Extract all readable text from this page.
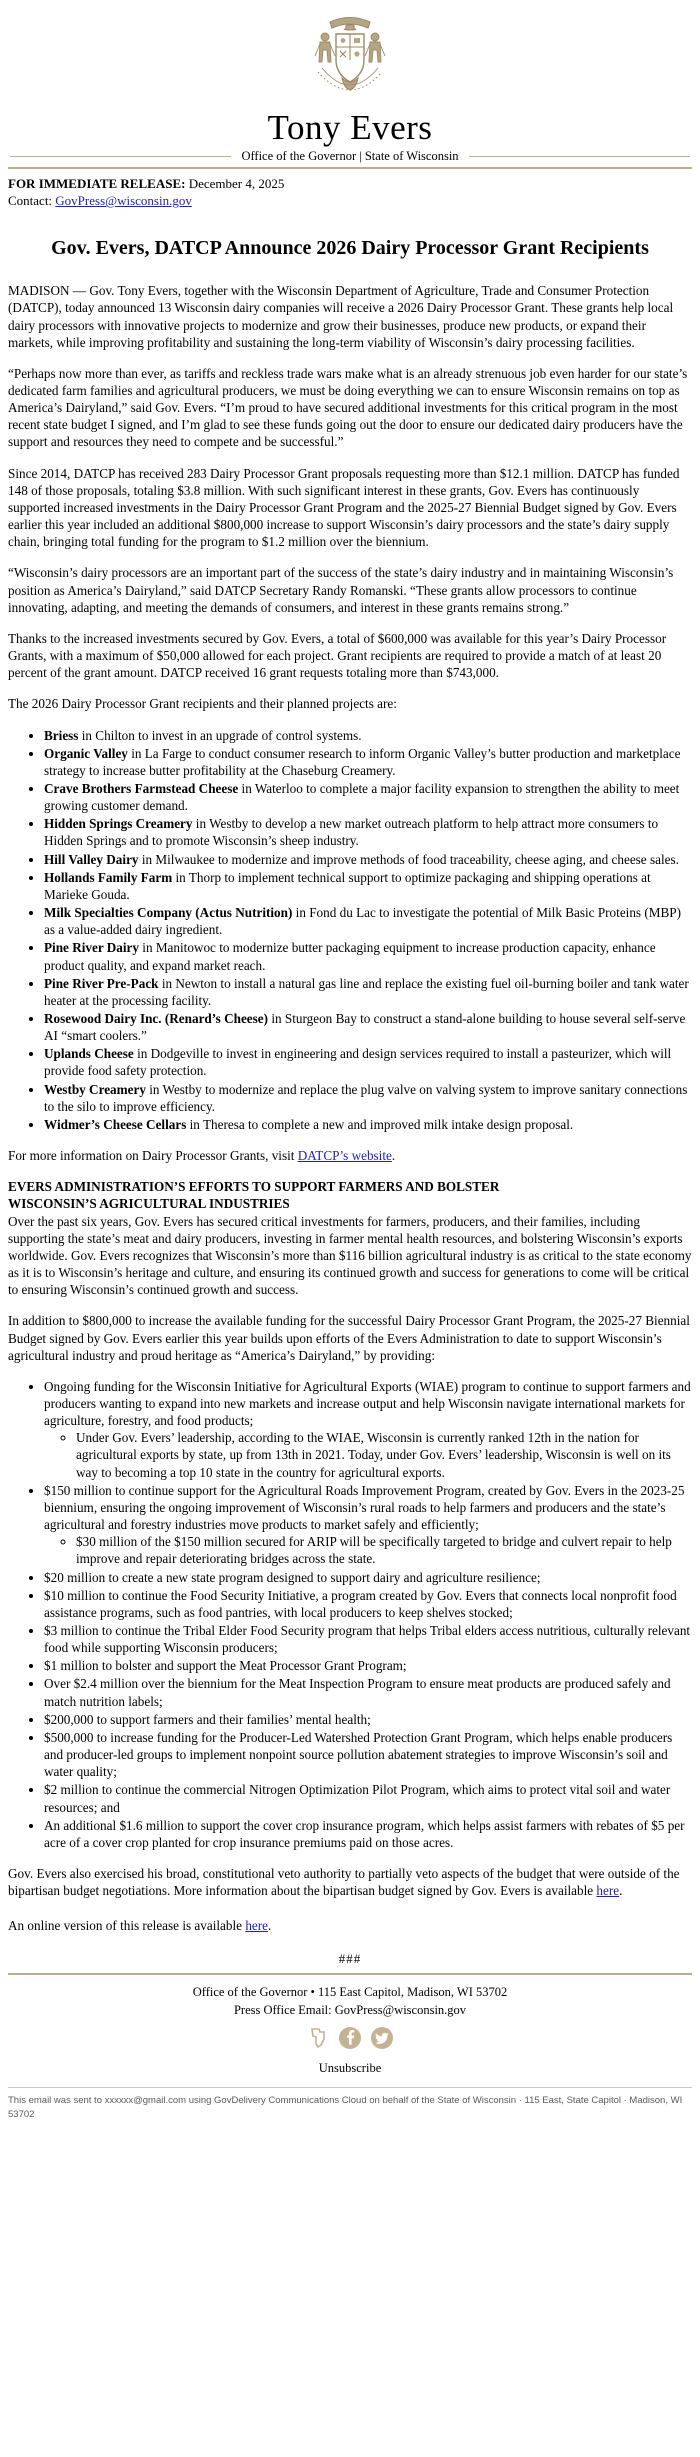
Tony Evers
Office of the Governor | State of Wisconsin
FOR IMMEDIATE RELEASE: December 4, 2025
Contact: GovPress@wisconsin.gov
Gov. Evers, DATCP Announce 2026 Dairy Processor Grant Recipients

MADISON — Gov. Tony Evers, together with the Wisconsin Department of Agriculture, Trade and Consumer Protection (DATCP), today announced 13 Wisconsin dairy companies will receive a 2026 Dairy Processor Grant. These grants help local dairy processors with innovative projects to modernize and grow their businesses, produce new products, or expand their markets, while improving profitability and sustaining the long-term viability of Wisconsin’s dairy processing facilities.

“Perhaps now more than ever, as tariffs and reckless trade wars make what is an already strenuous job even harder for our state’s dedicated farm families and agricultural producers, we must be doing everything we can to ensure Wisconsin remains on top as America’s Dairyland,” said Gov. Evers. “I’m proud to have secured additional investments for this critical program in the most recent state budget I signed, and I’m glad to see these funds going out the door to ensure our dedicated dairy producers have the support and resources they need to compete and be successful.”

Since 2014, DATCP has received 283 Dairy Processor Grant proposals requesting more than $12.1 million. DATCP has funded 148 of those proposals, totaling $3.8 million. With such significant interest in these grants, Gov. Evers has continuously supported increased investments in the Dairy Processor Grant Program and the 2025-27 Biennial Budget signed by Gov. Evers earlier this year included an additional $800,000 increase to support Wisconsin’s dairy processors and the state’s dairy supply chain, bringing total funding for the program to $1.2 million over the biennium.

“Wisconsin’s dairy processors are an important part of the success of the state’s dairy industry and in maintaining Wisconsin’s position as America’s Dairyland,” said DATCP Secretary Randy Romanski. “These grants allow processors to continue innovating, adapting, and meeting the demands of consumers, and interest in these grants remains strong.”

Thanks to the increased investments secured by Gov. Evers, a total of $600,000 was available for this year’s Dairy Processor Grants, with a maximum of $50,000 allowed for each project. Grant recipients are required to provide a match of at least 20 percent of the grant amount. DATCP received 16 grant requests totaling more than $743,000.

The 2026 Dairy Processor Grant recipients and their planned projects are:

• Briess in Chilton to invest in an upgrade of control systems.
• Organic Valley in La Farge to conduct consumer research to inform Organic Valley’s butter production and marketplace strategy to increase butter profitability at the Chaseburg Creamery.
• Crave Brothers Farmstead Cheese in Waterloo to complete a major facility expansion to strengthen the ability to meet growing customer demand.
• Hidden Springs Creamery in Westby to develop a new market outreach platform to help attract more consumers to Hidden Springs and to promote Wisconsin’s sheep industry.
• Hill Valley Dairy in Milwaukee to modernize and improve methods of food traceability, cheese aging, and cheese sales.
• Hollands Family Farm in Thorp to implement technical support to optimize packaging and shipping operations at Marieke Gouda.
• Milk Specialties Company (Actus Nutrition) in Fond du Lac to investigate the potential of Milk Basic Proteins (MBP) as a value-added dairy ingredient.
• Pine River Dairy in Manitowoc to modernize butter packaging equipment to increase production capacity, enhance product quality, and expand market reach.
• Pine River Pre-Pack in Newton to install a natural gas line and replace the existing fuel oil-burning boiler and tank water heater at the processing facility.
• Rosewood Dairy Inc. (Renard’s Cheese) in Sturgeon Bay to construct a stand-alone building to house several self-serve AI “smart coolers.”
• Uplands Cheese in Dodgeville to invest in engineering and design services required to install a pasteurizer, which will provide food safety protection.
• Westby Creamery in Westby to modernize and replace the plug valve on valving system to improve sanitary connections to the silo to improve efficiency.
• Widmer’s Cheese Cellars in Theresa to complete a new and improved milk intake design proposal.

For more information on Dairy Processor Grants, visit DATCP’s website.

EVERS ADMINISTRATION’S EFFORTS TO SUPPORT FARMERS AND BOLSTER
WISCONSIN’S AGRICULTURAL INDUSTRIES

Over the past six years, Gov. Evers has secured critical investments for farmers, producers, and their families, including supporting the state’s meat and dairy producers, investing in farmer mental health resources, and bolstering Wisconsin’s exports worldwide. Gov. Evers recognizes that Wisconsin’s more than $116 billion agricultural industry is as critical to the state economy as it is to Wisconsin’s heritage and culture, and ensuring its continued growth and success for generations to come will be critical to ensuring Wisconsin’s continued growth and success.

In addition to $800,000 to increase the available funding for the successful Dairy Processor Grant Program, the 2025-27 Biennial Budget signed by Gov. Evers earlier this year builds upon efforts of the Evers Administration to date to support Wisconsin’s agricultural industry and proud heritage as “America’s Dairyland,” by providing:

• Ongoing funding for the Wisconsin Initiative for Agricultural Exports (WIAE) program to continue to support farmers and producers wanting to expand into new markets and increase output and help Wisconsin navigate international markets for agriculture, forestry, and food products;
◦ Under Gov. Evers’ leadership, according to the WIAE, Wisconsin is currently ranked 12th in the nation for agricultural exports by state, up from 13th in 2021. Today, under Gov. Evers’ leadership, Wisconsin is well on its way to becoming a top 10 state in the country for agricultural exports.
• $150 million to continue support for the Agricultural Roads Improvement Program, created by Gov. Evers in the 2023-25 biennium, ensuring the ongoing improvement of Wisconsin’s rural roads to help farmers and producers and the state’s agricultural and forestry industries move products to market safely and efficiently;
◦ $30 million of the $150 million secured for ARIP will be specifically targeted to bridge and culvert repair to help improve and repair deteriorating bridges across the state.
• $20 million to create a new state program designed to support dairy and agriculture resilience;
• $10 million to continue the Food Security Initiative, a program created by Gov. Evers that connects local nonprofit food assistance programs, such as food pantries, with local producers to keep shelves stocked;
• $3 million to continue the Tribal Elder Food Security program that helps Tribal elders access nutritious, culturally relevant food while supporting Wisconsin producers;
• $1 million to bolster and support the Meat Processor Grant Program;
• Over $2.4 million over the biennium for the Meat Inspection Program to ensure meat products are produced safely and match nutrition labels;
• $200,000 to support farmers and their families’ mental health;
• $500,000 to increase funding for the Producer-Led Watershed Protection Grant Program, which helps enable producers and producer-led groups to implement nonpoint source pollution abatement strategies to improve Wisconsin’s soil and water quality;
• $2 million to continue the commercial Nitrogen Optimization Pilot Program, which aims to protect vital soil and water resources; and
• An additional $1.6 million to support the cover crop insurance program, which helps assist farmers with rebates of $5 per acre of a cover crop planted for crop insurance premiums paid on those acres.

Gov. Evers also exercised his broad, constitutional veto authority to partially veto aspects of the budget that were outside of the bipartisan budget negotiations. More information about the bipartisan budget signed by Gov. Evers is available here.

An online version of this release is available here.

###
Office of the Governor • 115 East Capitol, Madison, WI 53702
Press Office Email: GovPress@wisconsin.gov
Unsubscribe
This email was sent to xxxxxx@gmail.com using GovDelivery Communications Cloud on behalf of the State of Wisconsin · 115 East, State Capitol · Madison, WI 53702
